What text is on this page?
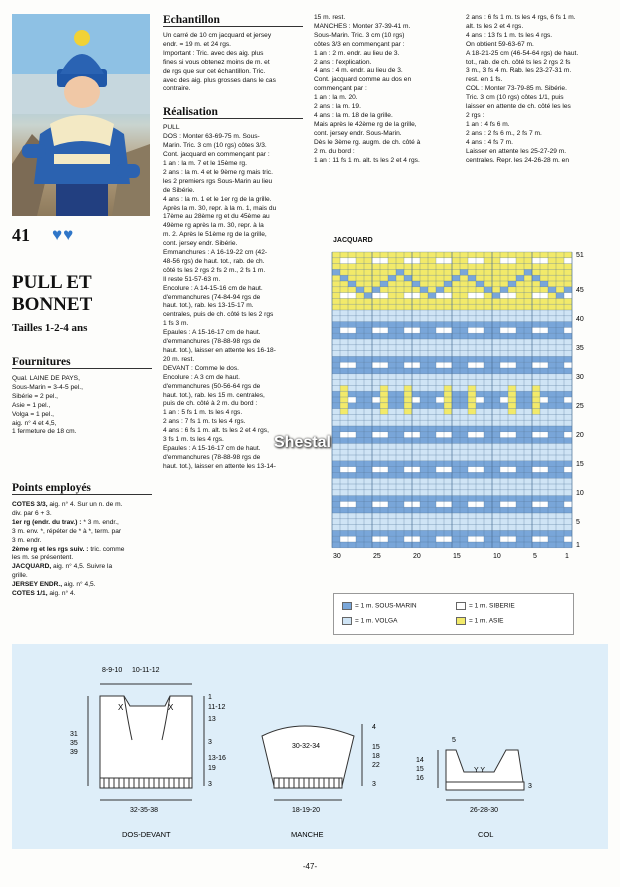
41 ♥♥
PULL ET
BONNET
Tailles 1-2-4 ans
Fournitures
Qual. LAINE DE PAYS,
Sous-Marin = 3-4-5 pel.,
Sibérie = 2 pel.,
Asie = 1 pel.,
Volga = 1 pel.,
aig. n° 4 et 4,5,
1 fermeture de 18 cm.
Points employés
COTES 3/3, aig. n° 4. Sur un n. de m.
div. par 6 + 3.
1er rg (endr. du trav.) : * 3 m. endr.,
3 m. env. *, répéter de * à *, term. par
3 m. endr.
2ème rg et les rgs suiv. : tric. comme
les m. se présentent.
JACQUARD, aig. n° 4,5. Suivre la
grille.
JERSEY ENDR., aig. n° 4,5.
COTES 1/1, aig. n° 4.
Echantillon
Un carré de 10 cm jacquard et jersey
endr. = 19 m. et 24 rgs.
Important : Tric. avec des aig. plus
fines si vous obtenez moins de m. et
de rgs que sur cet échantillon. Tric.
avec des aig. plus grosses dans le cas
contraire.
Réalisation
PULL
DOS : Monter 63-69-75 m. Sous-
Marin. Tric. 3 cm (10 rgs) côtes 3/3.
Cont. jacquard en commençant par :
1 an : la m. 7 et le 15ème rg.
2 ans : la m. 4 et le 9ème rg mais tric.
les 2 premiers rgs Sous-Marin au lieu
de Sibérie.
4 ans : la m. 1 et le 1er rg de la grille.
Après la m. 30, repr. à la m. 1, mais du
17ème au 28ème rg et du 45ème au
49ème rg après la m. 30, repr. à la
m. 2. Après le 51ème rg de la grille,
cont. jersey endr. Sibérie.
Emmanchures : A 16-19-22 cm (42-
48-56 rgs) de haut. tot., rab. de ch.
côté ts les 2 rgs 2 fs 2 m., 2 fs 1 m.
Il reste 51-57-63 m.
Encolure : A 14-15-16 cm de haut.
d'emmanchures (74-84-94 rgs de
haut. tot.), rab. les 13-15-17 m.
centrales, puis de ch. côté ts les 2 rgs
1 fs 3 m.
Epaules : A 15-16-17 cm de haut.
d'emmanchures (78-88-98 rgs de
haut. tot.), laisser en attente les 16-18-
20 m. rest.
DEVANT : Comme le dos.
Encolure : A 3 cm de haut.
d'emmanchures (50-56-64 rgs de
haut. tot.), rab. les 15 m. centrales,
puis de ch. côté à 2 m. du bord :
1 an : 5 fs 1 m. ts les 4 rgs.
2 ans : 7 fs 1 m. ts les 4 rgs.
4 ans : 6 fs 1 m. alt. ts les 2 et 4 rgs,
3 fs 1 m. ts les 4 rgs.
Epaules : A 15-16-17 cm de haut.
d'emmanchures (78-88-98 rgs de
haut. tot.), laisser en attente les 13-14-
15 m. rest.
MANCHES : Monter 37-39-41 m.
Sous-Marin. Tric. 3 cm (10 rgs)
côtes 3/3 en commençant par :
1 an : 2 m. endr. au lieu de 3.
2 ans : l'explication.
4 ans : 4 m. endr. au lieu de 3.
Cont. jacquard comme au dos en
commençant par :
1 an : la m. 20.
2 ans : la m. 19.
4 ans : la m. 18 de la grille.
Mais après le 42ème rg de la grille,
cont. jersey endr. Sous-Marin.
Dès le 3ème rg. augm. de ch. côté à
2 m. du bord :
1 an : 11 fs 1 m. alt. ts les 2 et 4 rgs.
2 ans : 6 fs 1 m. ts les 4 rgs, 6 fs 1 m.
alt. ts les 2 et 4 rgs.
4 ans : 13 fs 1 m. ts les 4 rgs.
On obtient 59-63-67 m.
A 18-21-25 cm (46-54-64 rgs) de haut.
tot., rab. de ch. côté ts les 2 rgs 2 fs
3 m., 3 fs 4 m. Rab. les 23-27-31 m.
rest. en 1 fs.
COL : Monter 73-79-85 m. Sibérie.
Tric. 3 cm (10 rgs) côtes 1/1, puis
laisser en attente de ch. côté les les
2 rgs :
1 an : 4 fs 6 m.
2 ans : 2 fs 6 m., 2 fs 7 m.
4 ans : 4 fs 7 m.
Laisser en attente les 25-27-29 m.
centrales. Repr. les 24-26-28 m. en
JACQUARD
51
45
40
35
30
25
20
15
10
5
1
30	25	20	15	10	5	1
Shestal
= 1 m. SOUS-MARIN	= 1 m. SIBERIE
= 1 m. VOLGA	= 1 m. ASIE
8-9-10 10-11-12
X	X
31
35
39
1
11-12
13
3
13-16
19
3
32-35-38
DOS-DEVANT
30-32-34
4
15
18
22
3
18-19-20
MANCHE
5
Y Y
14
15
16
3
26-28-30
COL
-47-
